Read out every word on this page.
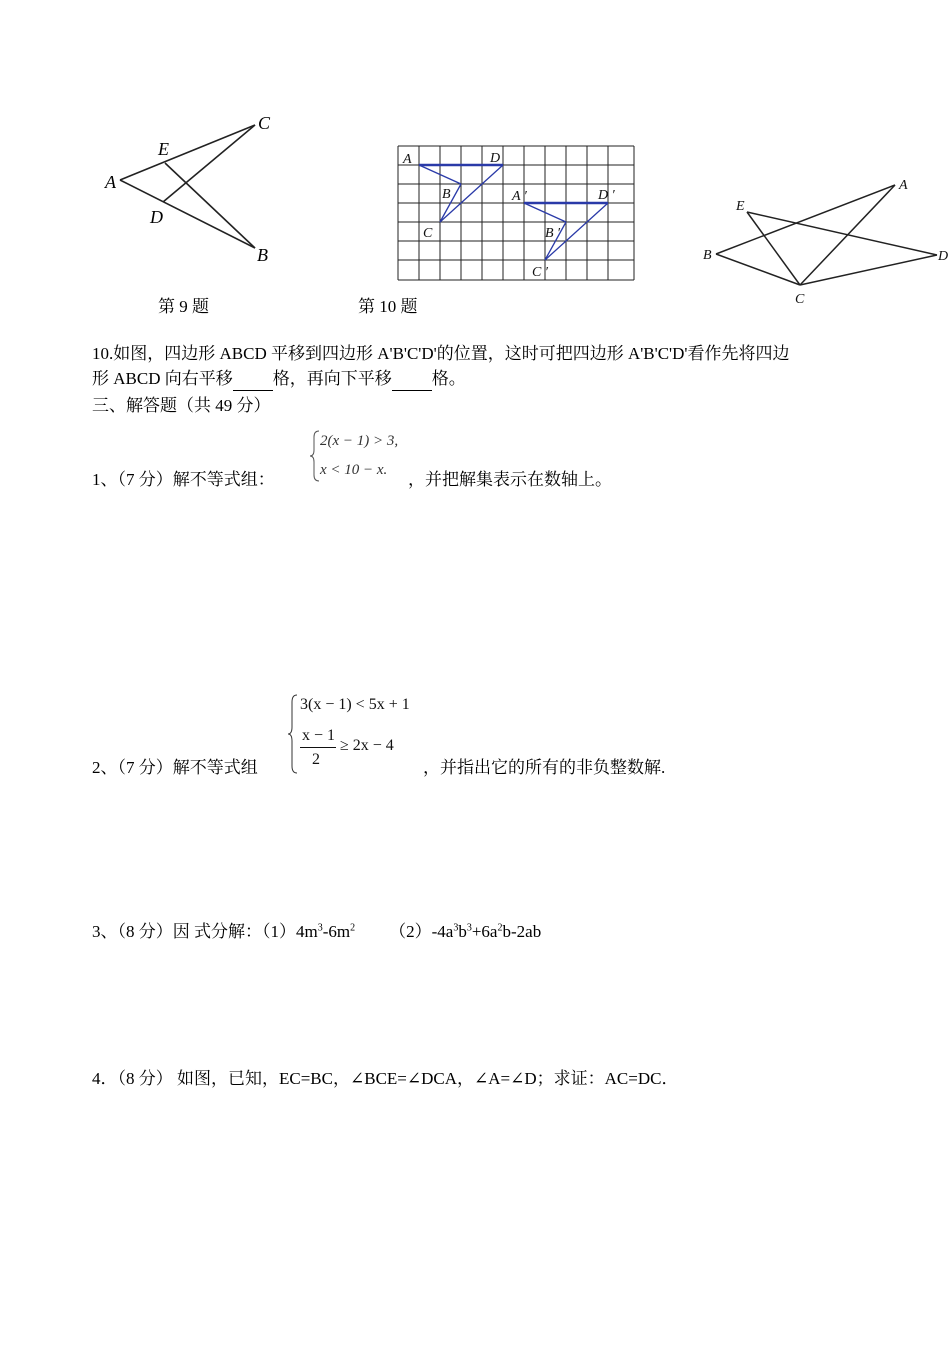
A
C
E
D
B
第 9 题
A	D
B
C
A ′	D ′
B ′
C ′
第 10 题
E
A
B	D
C
10.如图，四边形 ABCD 平移到四边形 A'B'C'D'的位置，这时可把四边形 A'B'C'D'看作先将四边
形 ABCD 向右平移 格，再向下平移 格。
三、解答题（共 49 分）
1、（7 分）解不等式组：
2(x − 1) > 3,
x < 10 − x. ，并把解集表示在数轴上。
2、（7 分）解不等式组
3(x − 1) < 5x + 1
x − 1
2
≥ 2x − 4
，并指出它的所有的非负整数解.
3、（8 分）因 式分解：$(1)4m^3-6m^2$ $(2)-4a^3b^3+6a^2b-2ab$
4．（8 分） 如图，已知，EC=BC，∠BCE=∠DCA，∠A=∠D；求证：AC=DC．
